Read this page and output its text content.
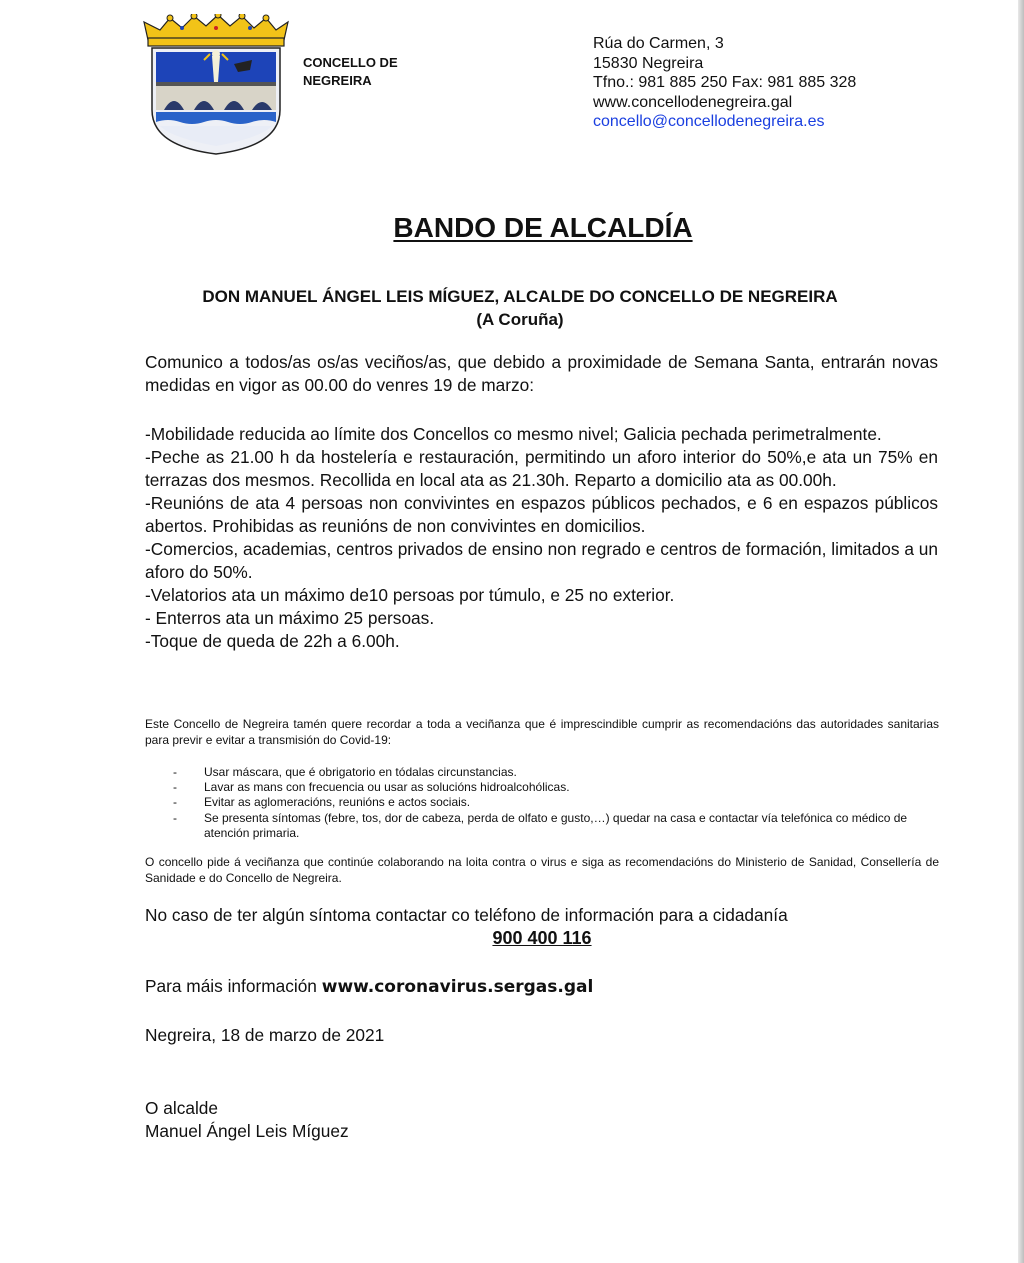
CONCELLO DE
NEGREIRA
Rúa do Carmen, 3
15830 Negreira
Tfno.: 981 885 250 Fax: 981 885 328
www.concellodenegreira.gal
concello@concellodenegreira.es
BANDO DE ALCALDÍA
DON MANUEL ÁNGEL LEIS MÍGUEZ, ALCALDE DO CONCELLO DE NEGREIRA
(A Coruña)

Comunico a todos/as os/as veciños/as, que debido a proximidade de Semana Santa, entrarán novas medidas en vigor as 00.00 do venres 19 de marzo:

-Mobilidade reducida ao límite dos Concellos co mesmo nivel; Galicia pechada perimetralmente.

-Peche as 21.00 h da hostelería e restauración, permitindo un aforo interior do 50%,e ata un 75% en terrazas dos mesmos. Recollida en local ata as 21.30h. Reparto a domicilio ata as 00.00h.

-Reunións de ata 4 persoas non convivintes en espazos públicos pechados, e 6 en espazos públicos abertos. Prohibidas as reunións de non convivintes en domicilios.

-Comercios, academias, centros privados de ensino non regrado e centros de formación, limitados a un aforo do 50%.

-Velatorios ata un máximo de10 persoas por túmulo, e 25 no exterior.

- Enterros ata un máximo 25 persoas.

-Toque de queda de 22h a 6.00h.

Este Concello de Negreira tamén quere recordar a toda a veciñanza que é imprescindible cumprir as recomendacións das autoridades sanitarias para previr e evitar a transmisión do Covid-19:

-	Usar máscara, que é obrigatorio en tódalas circunstancias.
-	Lavar as mans con frecuencia ou usar as solucións hidroalcohólicas.
-	Evitar as aglomeracións, reunións e actos sociais.
-	Se presenta síntomas (febre, tos, dor de cabeza, perda de olfato e gusto,…) quedar na casa e contactar vía telefónica co médico de atención primaria.

O concello pide á veciñanza que continúe colaborando na loita contra o virus e siga as recomendacións do Ministerio de Sanidad, Consellería de Sanidade e do Concello de Negreira.

No caso de ter algún síntoma contactar co teléfono de información para a cidadanía
900 400 116
Para máis información www.coronavirus.sergas.gal
Negreira, 18 de marzo de 2021
O alcalde
Manuel Ángel Leis Míguez
